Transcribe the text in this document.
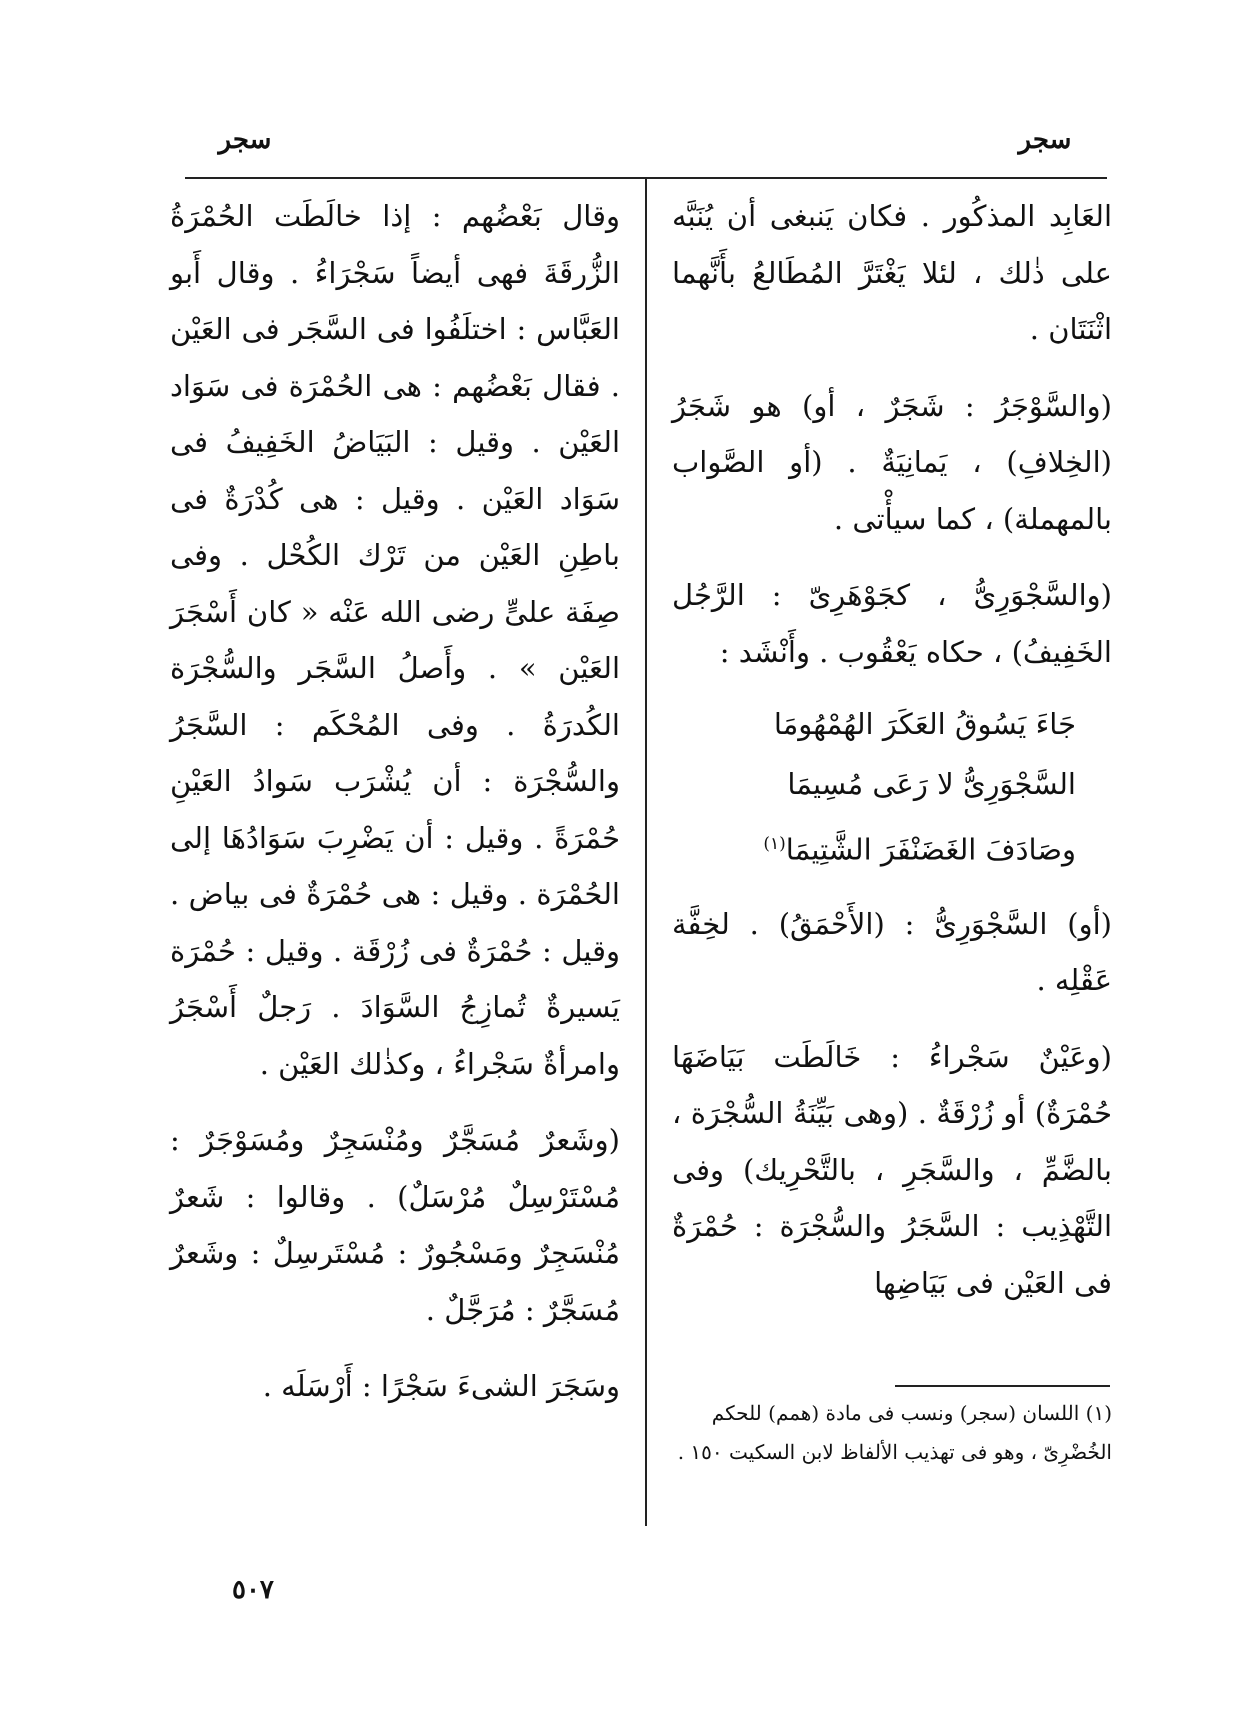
سجر
سجر

العَابِد المذكُور . فكان يَنبغى أن يُنَبَّه على ذٰلك ، لئلا يَغْتَرَّ المُطَالعُ بأَنَّهما اثْنَتَان .

(والسَّوْجَرُ : شَجَرٌ ، أو) هو شَجَرُ (الخِلافِ) ، يَمانِيَةٌ . (أو الصَّواب بالمهملة) ، كما سيأْتى .

(والسَّجْوَرِىُّ ، كجَوْهَرِىّ : الرَّجُل الخَفِيفُ) ، حكاه يَعْقُوب . وأَنْشَد :

جَاءَ يَسُوقُ العَكَرَ الهُمْهُومَا
السَّجْوَرِىُّ لا رَعَى مُسِيمَا
وصَادَفَ الغَضَنْفَرَ الشَّتِيمَا$^{(١)}$

(أو) السَّجْوَرِىُّ : (الأَحْمَقُ) . لخِفَّة عَقْلِه .

(وعَيْنٌ سَجْراءُ : خَالَطَت بَيَاضَهَا حُمْرَةٌ) أو زُرْقَةٌ . (وهى بَيِّنَةُ السُّجْرَة ، بالضَّمِّ ، والسَّجَرِ ، بالتَّحْرِيك) وفى التَّهْذِيب : السَّجَرُ والسُّجْرَة : حُمْرَةٌ فى العَيْن فى بَيَاضِها

وقال بَعْضُهم : إذا خالَطَت الحُمْرَةُ الزُّرقَةَ فهى أيضاً سَجْرَاءُ . وقال أَبو العَبَّاس : اختلَفُوا فى السَّجَر فى العَيْن . فقال بَعْضُهم : هى الحُمْرَة فى سَوَاد العَيْن . وقيل : البَيَاضُ الخَفِيفُ فى سَوَاد العَيْن . وقيل : هى كُدْرَةٌ فى باطِنِ العَيْن من تَرْك الكُحْل . وفى صِفَة علىٍّ رضى الله عَنْه « كان أَسْجَرَ العَيْن » . وأَصلُ السَّجَر والسُّجْرَة الكُدرَةُ . وفى المُحْكَم : السَّجَرُ والسُّجْرَة : أن يُشْرَب سَوادُ العَيْنِ حُمْرَةً . وقيل : أن يَضْرِبَ سَوَادُهَا إلى الحُمْرَة . وقيل : هى حُمْرَةٌ فى بياض . وقيل : حُمْرَةٌ فى زُرْقَة . وقيل : حُمْرَة يَسيرةٌ تُمازِجُ السَّوَادَ . رَجلٌ أَسْجَرُ وامرأةٌ سَجْراءُ ، وكذٰلك العَيْن .

(وشَعرٌ مُسَجَّرٌ ومُنْسَجِرٌ ومُسَوْجَرٌ : مُسْتَرْسِلٌ مُرْسَلٌ) . وقالوا : شَعرٌ مُنْسَجِرٌ ومَسْجُورٌ : مُسْتَرسِلٌ : وشَعرٌ مُسَجَّرٌ : مُرَجَّلٌ .

وسَجَرَ الشىءَ سَجْرًا : أَرْسَلَه .

(١) اللسان (سجر) ونسب فى مادة (همم) للحكم الخُضْرِىّ ، وهو فى تهذيب الألفاظ لابن السكيت ١٥٠ .
٥٠٧
